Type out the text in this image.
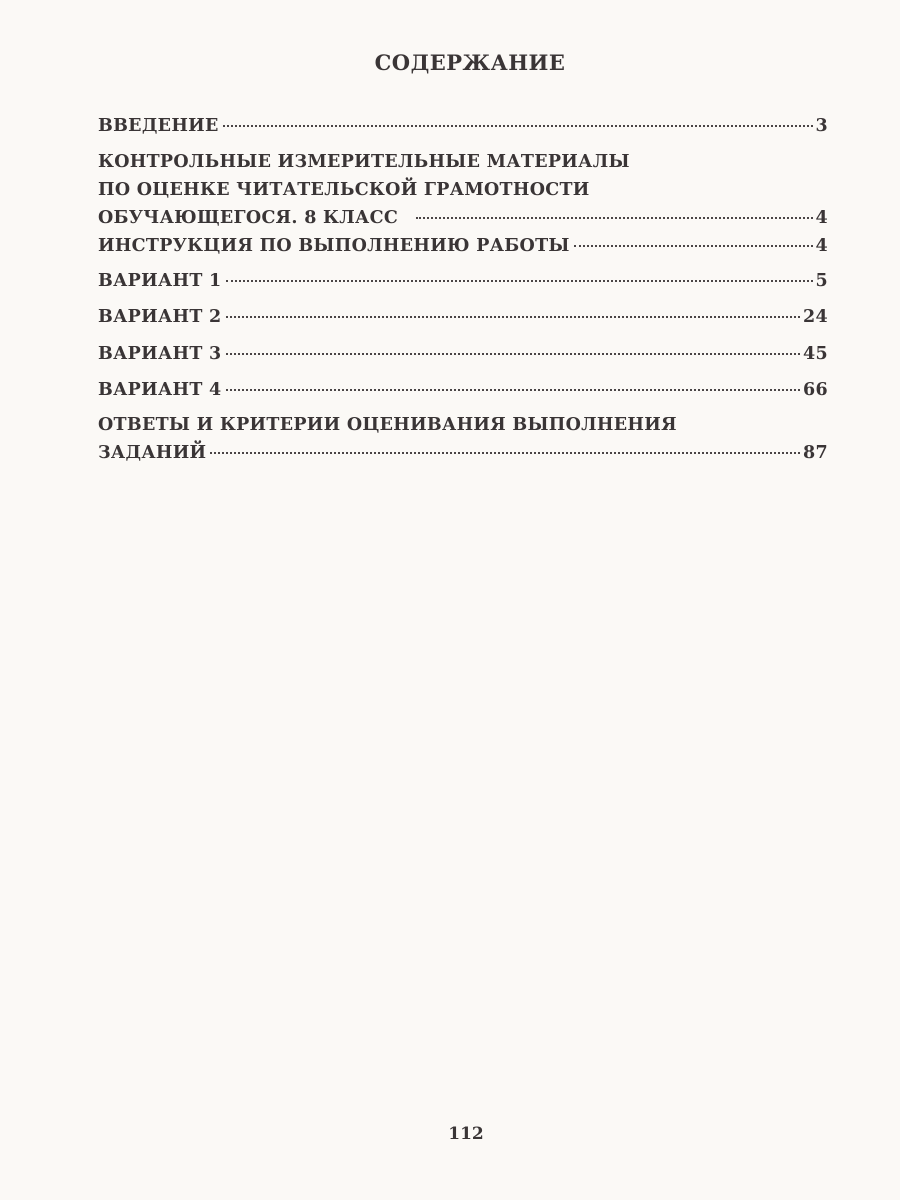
СОДЕРЖАНИЕ
ВВЕДЕНИЕ	3
КОНТРОЛЬНЫЕ ИЗМЕРИТЕЛЬНЫЕ МАТЕРИАЛЫ
ПО ОЦЕНКЕ ЧИТАТЕЛЬСКОЙ ГРАМОТНОСТИ
ОБУЧАЮЩЕГОСЯ. 8 КЛАСС	4
ИНСТРУКЦИЯ ПО ВЫПОЛНЕНИЮ РАБОТЫ	4
ВАРИАНТ 1	5
ВАРИАНТ 2	24
ВАРИАНТ 3	45
ВАРИАНТ 4	66
ОТВЕТЫ И КРИТЕРИИ ОЦЕНИВАНИЯ ВЫПОЛНЕНИЯ
ЗАДАНИЙ	87
112
